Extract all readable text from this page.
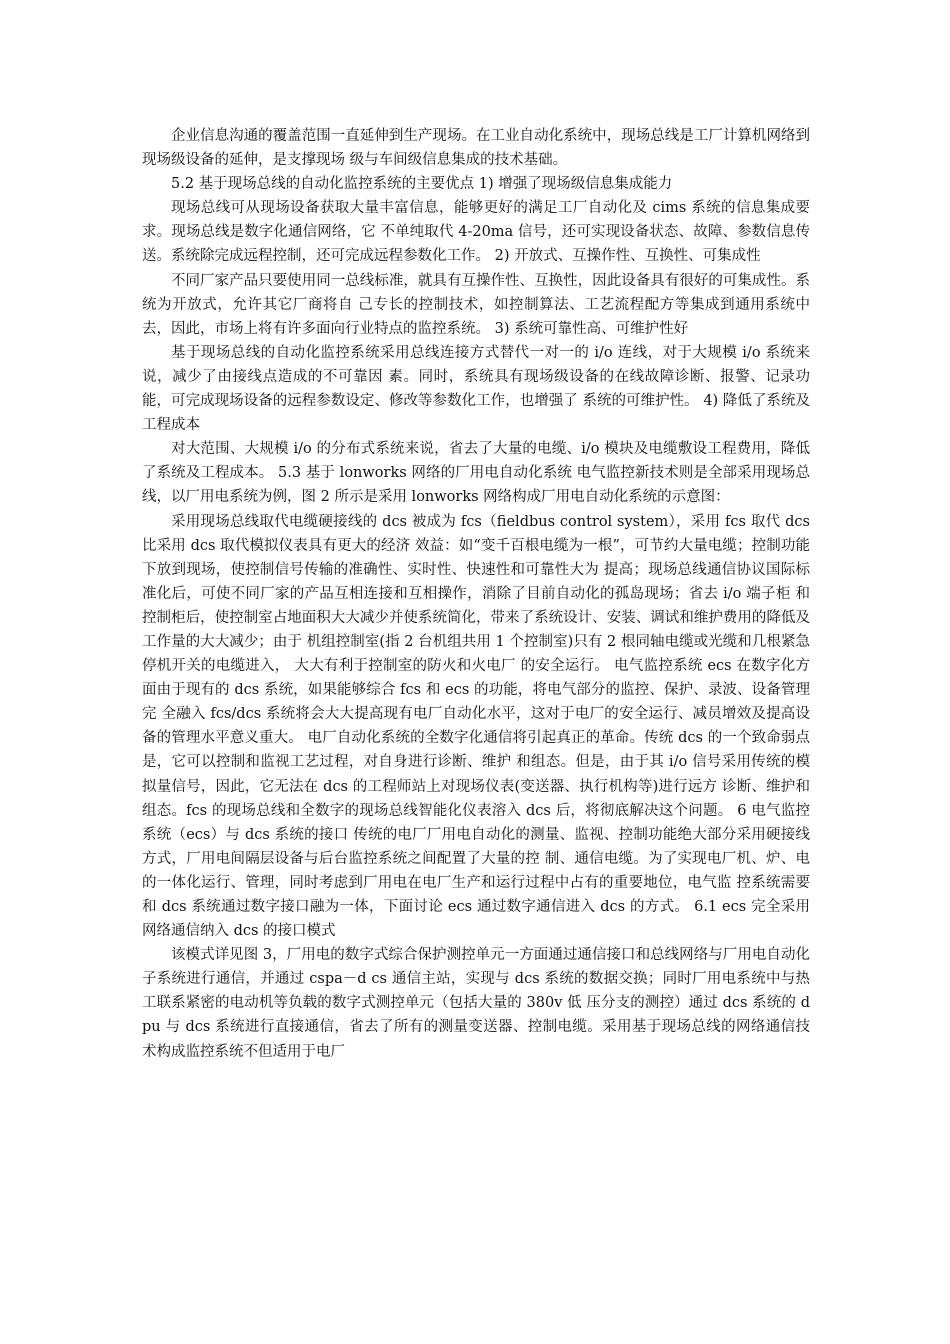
企业信息沟通的覆盖范围一直延伸到生产现场。在工业自动化系统中，现场总线是工厂计算机网络到现场级设备的延伸，是支撑现场 级与车间级信息集成的技术基础。

5.2 基于现场总线的自动化监控系统的主要优点 1) 增强了现场级信息集成能力

现场总线可从现场设备获取大量丰富信息，能够更好的满足工厂自动化及 cims 系统的信息集成要求。现场总线是数字化通信网络，它 不单纯取代 4-20ma 信号，还可实现设备状态、故障、参数信息传送。系统除完成远程控制，还可完成远程参数化工作。 2) 开放式、互操作性、互换性、可集成性

不同厂家产品只要使用同一总线标准，就具有互操作性、互换性，因此设备具有很好的可集成性。系统为开放式，允许其它厂商将自 己专长的控制技术，如控制算法、工艺流程配方等集成到通用系统中去，因此，市场上将有许多面向行业特点的监控系统。 3) 系统可靠性高、可维护性好

基于现场总线的自动化监控系统采用总线连接方式替代一对一的 i/o 连线，对于大规模 i/o 系统来说，减少了由接线点造成的不可靠因 素。同时，系统具有现场级设备的在线故障诊断、报警、记录功能，可完成现场设备的远程参数设定、修改等参数化工作，也增强了 系统的可维护性。 4) 降低了系统及工程成本

对大范围、大规模 i/o 的分布式系统来说，省去了大量的电缆、i/o 模块及电缆敷设工程费用，降低了系统及工程成本。 5.3 基于 lonworks 网络的厂用电自动化系统 电气监控新技术则是全部采用现场总线，以厂用电系统为例，图 2 所示是采用 lonworks 网络构成厂用电自动化系统的示意图：

采用现场总线取代电缆硬接线的 dcs 被成为 fcs（fieldbus control system），采用 fcs 取代 dcs 比采用 dcs 取代模拟仪表具有更大的经济 效益：如“变千百根电缆为一根”，可节约大量电缆；控制功能下放到现场，使控制信号传输的准确性、实时性、快速性和可靠性大为 提高；现场总线通信协议国际标准化后，可使不同厂家的产品互相连接和互相操作，消除了目前自动化的孤岛现场；省去 i/o 端子柜 和控制柜后，使控制室占地面积大大减少并使系统简化，带来了系统设计、安装、调试和维护费用的降低及工作量的大大减少；由于 机组控制室(指 2 台机组共用 1 个控制室)只有 2 根同轴电缆或光缆和几根紧急停机开关的电缆进入， 大大有利于控制室的防火和火电厂 的安全运行。 电气监控系统 ecs 在数字化方面由于现有的 dcs 系统，如果能够综合 fcs 和 ecs 的功能，将电气部分的监控、保护、录波、设备管理完 全融入 fcs/dcs 系统将会大大提高现有电厂自动化水平，这对于电厂的安全运行、减员增效及提高设备的管理水平意义重大。 电厂自动化系统的全数字化通信将引起真正的革命。传统 dcs 的一个致命弱点是，它可以控制和监视工艺过程，对自身进行诊断、维护 和组态。但是，由于其 i/o 信号采用传统的模拟量信号，因此，它无法在 dcs 的工程师站上对现场仪表(变送器、执行机构等)进行远方 诊断、维护和组态。fcs 的现场总线和全数字的现场总线智能化仪表溶入 dcs 后，将彻底解决这个问题。 6 电气监控系统（ecs）与 dcs 系统的接口 传统的电厂厂用电自动化的测量、监视、控制功能绝大部分采用硬接线方式，厂用电间隔层设备与后台监控系统之间配置了大量的控 制、通信电缆。为了实现电厂机、炉、电的一体化运行、管理，同时考虑到厂用电在电厂生产和运行过程中占有的重要地位，电气监 控系统需要和 dcs 系统通过数字接口融为一体，下面讨论 ecs 通过数字通信进入 dcs 的方式。 6.1 ecs 完全采用网络通信纳入 dcs 的接口模式

该模式详见图 3，厂用电的数字式综合保护测控单元一方面通过通信接口和总线网络与厂用电自动化子系统进行通信，并通过 cspa－d cs 通信主站，实现与 dcs 系统的数据交换；同时厂用电系统中与热工联系紧密的电动机等负载的数字式测控单元（包括大量的 380v 低 压分支的测控）通过 dcs 系统的 dpu 与 dcs 系统进行直接通信，省去了所有的测量变送器、控制电缆。采用基于现场总线的网络通信技 术构成监控系统不但适用于电厂
